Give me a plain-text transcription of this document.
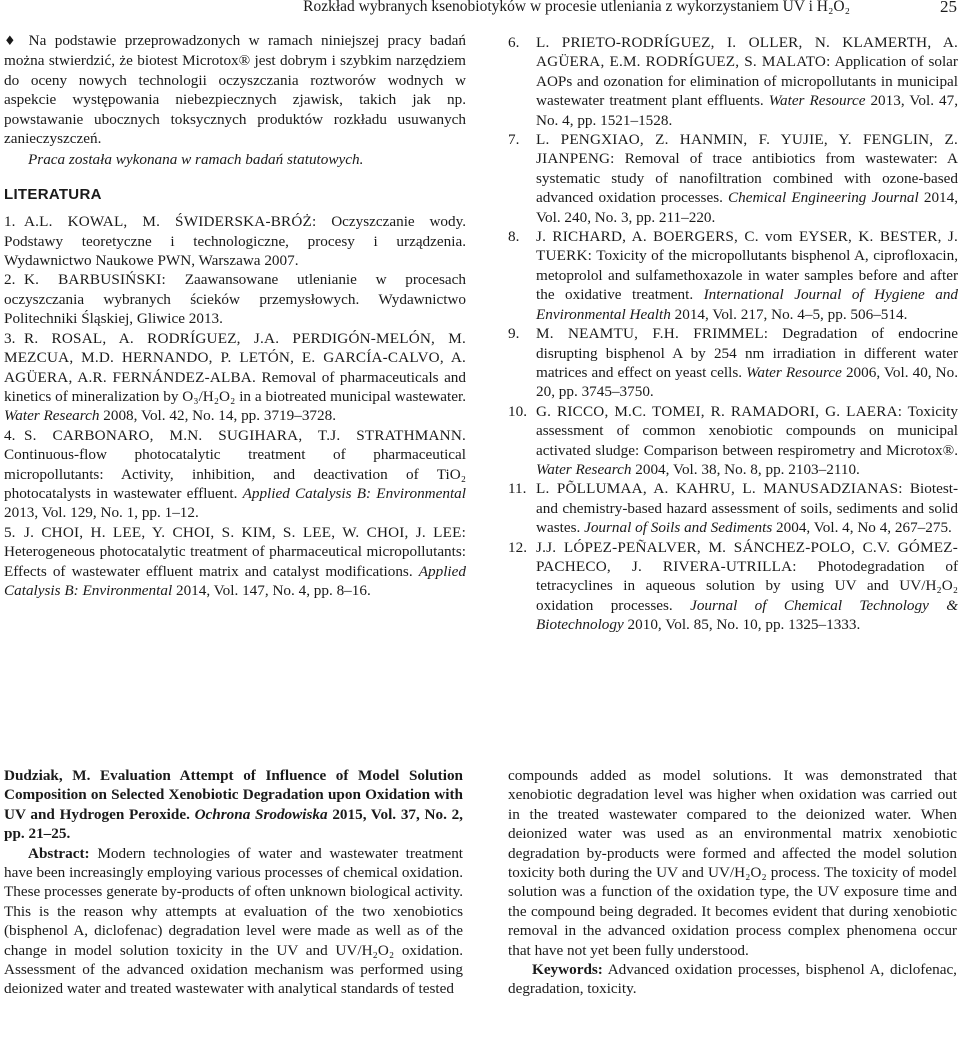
Rozkład wybranych ksenobiotyków w procesie utleniania z wykorzystaniem UV i H₂O₂	25

♦ Na podstawie przeprowadzonych w ramach niniejszej pracy badań można stwierdzić, że biotest Microtox® jest dobrym i szybkim narzędziem do oceny nowych technologii oczyszczania roztworów wodnych w aspekcie występowania niebezpiecznych zjawisk, takich jak np. powstawanie ubocznych toksycznych produktów rozkładu usuwanych zanieczyszczeń.

Praca została wykonana w ramach badań statutowych.

LITERATURA

1. A.L. KOWAL, M. ŚWIDERSKA-BRÓŻ: Oczyszczanie wody. Podstawy teoretyczne i technologiczne, procesy i urządzenia. Wydawnictwo Naukowe PWN, Warszawa 2007.
2. K. BARBUSIŃSKI: Zaawansowane utlenianie w procesach oczyszczania wybranych ścieków przemysłowych. Wydawnictwo Politechniki Śląskiej, Gliwice 2013.
3. R. ROSAL, A. RODRÍGUEZ, J.A. PERDIGÓN-MELÓN, M. MEZCUA, M.D. HERNANDO, P. LETÓN, E. GARCÍA-CALVO, A. AGÜERA, A.R. FERNÁNDEZ-ALBA. Removal of pharmaceuticals and kinetics of mineralization by O₃/H₂O₂ in a biotreated municipal wastewater. Water Research 2008, Vol. 42, No. 14, pp. 3719–3728.
4. S. CARBONARO, M.N. SUGIHARA, T.J. STRATHMANN. Continuous-flow photocatalytic treatment of pharmaceutical micropollutants: Activity, inhibition, and deactivation of TiO₂ photocatalysts in wastewater effluent. Applied Catalysis B: Environmental 2013, Vol. 129, No. 1, pp. 1–12.
5. J. CHOI, H. LEE, Y. CHOI, S. KIM, S. LEE, W. CHOI, J. LEE: Heterogeneous photocatalytic treatment of pharmaceutical micropollutants: Effects of wastewater effluent matrix and catalyst modifications. Applied Catalysis B: Environmental 2014, Vol. 147, No. 4, pp. 8–16.
6.	L. PRIETO-RODRÍGUEZ, I. OLLER, N. KLAMERTH, A. AGÜERA, E.M. RODRÍGUEZ, S. MALATO: Application of solar AOPs and ozonation for elimination of micropollutants in municipal wastewater treatment plant effluents. Water Resource 2013, Vol. 47, No. 4, pp. 1521–1528.
7.	L. PENGXIAO, Z. HANMIN, F. YUJIE, Y. FENGLIN, Z. JIANPENG: Removal of trace antibiotics from wastewater: A systematic study of nanofiltration combined with ozone-based advanced oxidation processes. Chemical Engineering Journal 2014, Vol. 240, No. 3, pp. 211–220.
8.	J. RICHARD, A. BOERGERS, C. vom EYSER, K. BESTER, J. TUERK: Toxicity of the micropollutants bisphenol A, ciprofloxacin, metoprolol and sulfamethoxazole in water samples before and after the oxidative treatment. International Journal of Hygiene and Environmental Health 2014, Vol. 217, No. 4–5, pp. 506–514.
9.	M. NEAMTU, F.H. FRIMMEL: Degradation of endocrine disrupting bisphenol A by 254 nm irradiation in different water matrices and effect on yeast cells. Water Resource 2006, Vol. 40, No. 20, pp. 3745–3750.
10. G. RICCO, M.C. TOMEI, R. RAMADORI, G. LAERA: Toxicity assessment of common xenobiotic compounds on municipal activated sludge: Comparison between respirometry and Microtox®. Water Research 2004, Vol. 38, No. 8, pp. 2103–2110.
11. L. PÕLLUMAA, A. KAHRU, L. MANUSADZIANAS: Biotest- and chemistry-based hazard assessment of soils, sediments and solid wastes. Journal of Soils and Sediments 2004, Vol. 4, No 4, 267–275.
12. J.J. LÓPEZ-PEÑALVER, M. SÁNCHEZ-POLO, C.V. GÓMEZ-PACHECO, J. RIVERA-UTRILLA: Photodegradation of tetracyclines in aqueous solution by using UV and UV/H₂O₂ oxidation processes. Journal of Chemical Technology & Biotechnology 2010, Vol. 85, No. 10, pp. 1325–1333.

Dudziak, M. Evaluation Attempt of Influence of Model Solution Composition on Selected Xenobiotic Degradation upon Oxidation with UV and Hydrogen Peroxide. Ochrona Srodowiska 2015, Vol. 37, No. 2, pp. 21–25.

Abstract: Modern technologies of water and wastewater treatment have been increasingly employing various processes of chemical oxidation. These processes generate by-products of often unknown biological activity. This is the reason why attempts at evaluation of the two xenobiotics (bisphenol A, diclofenac) degradation level were made as well as of the change in model solution toxicity in the UV and UV/H₂O₂ oxidation. Assessment of the advanced oxidation mechanism was performed using deionized water and treated wastewater with analytical standards of tested

compounds added as model solutions. It was demonstrated that xenobiotic degradation level was higher when oxidation was carried out in the treated wastewater compared to the deionized water. When deionized water was used as an environmental matrix xenobiotic degradation by-products were formed and affected the model solution toxicity both during the UV and UV/H₂O₂ process. The toxicity of model solution was a function of the oxidation type, the UV exposure time and the compound being degraded. It becomes evident that during xenobiotic removal in the advanced oxidation process complex phenomena occur that have not yet been fully understood.

Keywords: Advanced oxidation processes, bisphenol A, diclofenac, degradation, toxicity.
